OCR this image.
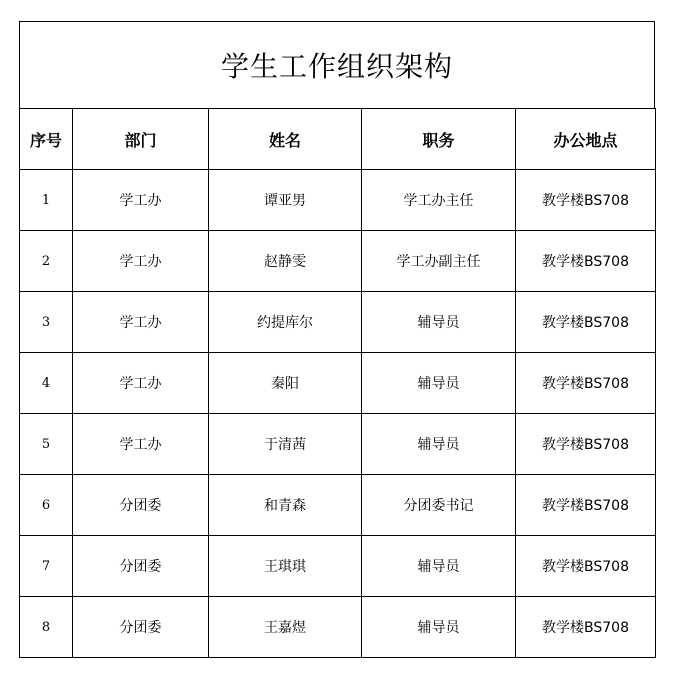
学生工作组织架构
序号	部门	姓名	职务	办公地点
1	学工办	谭亚男	学工办主任	教学楼BS708
2	学工办	赵静雯	学工办副主任	教学楼BS708
3	学工办	约提库尔	辅导员	教学楼BS708
4	学工办	秦阳	辅导员	教学楼BS708
5	学工办	于清茜	辅导员	教学楼BS708
6	分团委	和青森	分团委书记	教学楼BS708
7	分团委	王琪琪	辅导员	教学楼BS708
8	分团委	王嘉煜	辅导员	教学楼BS708
